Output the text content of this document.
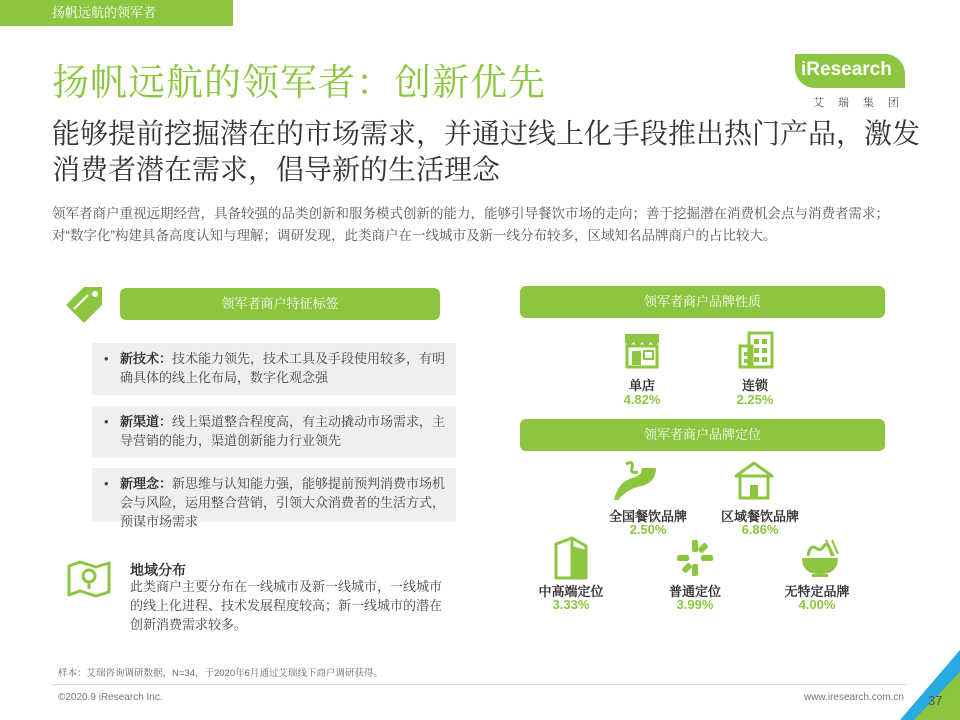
扬帆远航的领军者
扬帆远航的领军者：创新优先	iResearch
艾瑞集团
能够提前挖掘潜在的市场需求，并通过线上化手段推出热门产品，激发消费者潜在需求，倡导新的生活理念
领军者商户重视远期经营，具备较强的品类创新和服务模式创新的能力，能够引导餐饮市场的走向；善于挖掘潜在消费机会点与消费者需求；对“数字化”构建具备高度认知与理解；调研发现，此类商户在一线城市及新一线分布较多，区域知名品牌商户的占比较大。
领军者商户特征标签
• 新技术：技术能力领先，技术工具及手段使用较多，有明确具体的线上化布局，数字化观念强
• 新渠道：线上渠道整合程度高，有主动撬动市场需求，主导营销的能力，渠道创新能力行业领先
• 新理念：新思维与认知能力强，能够提前预判消费市场机会与风险，运用整合营销，引领大众消费者的生活方式，预谋市场需求
地域分布
此类商户主要分布在一线城市及新一线城市，一线城市的线上化进程、技术发展程度较高；新一线城市的潜在创新消费需求较多。
领军者商户品牌性质
单店
4.82%
连锁
2.25%
领军者商户品牌定位
全国餐饮品牌
2.50%
区域餐饮品牌
6.86%
中高端定位
3.33%
普通定位
3.99%
无特定品牌
4.00%
样本：艾瑞咨询调研数据，N=34，于2020年6月通过艾瑞线下商户调研获得。
©2020.9 iResearch Inc.	www.iresearch.com.cn 37
